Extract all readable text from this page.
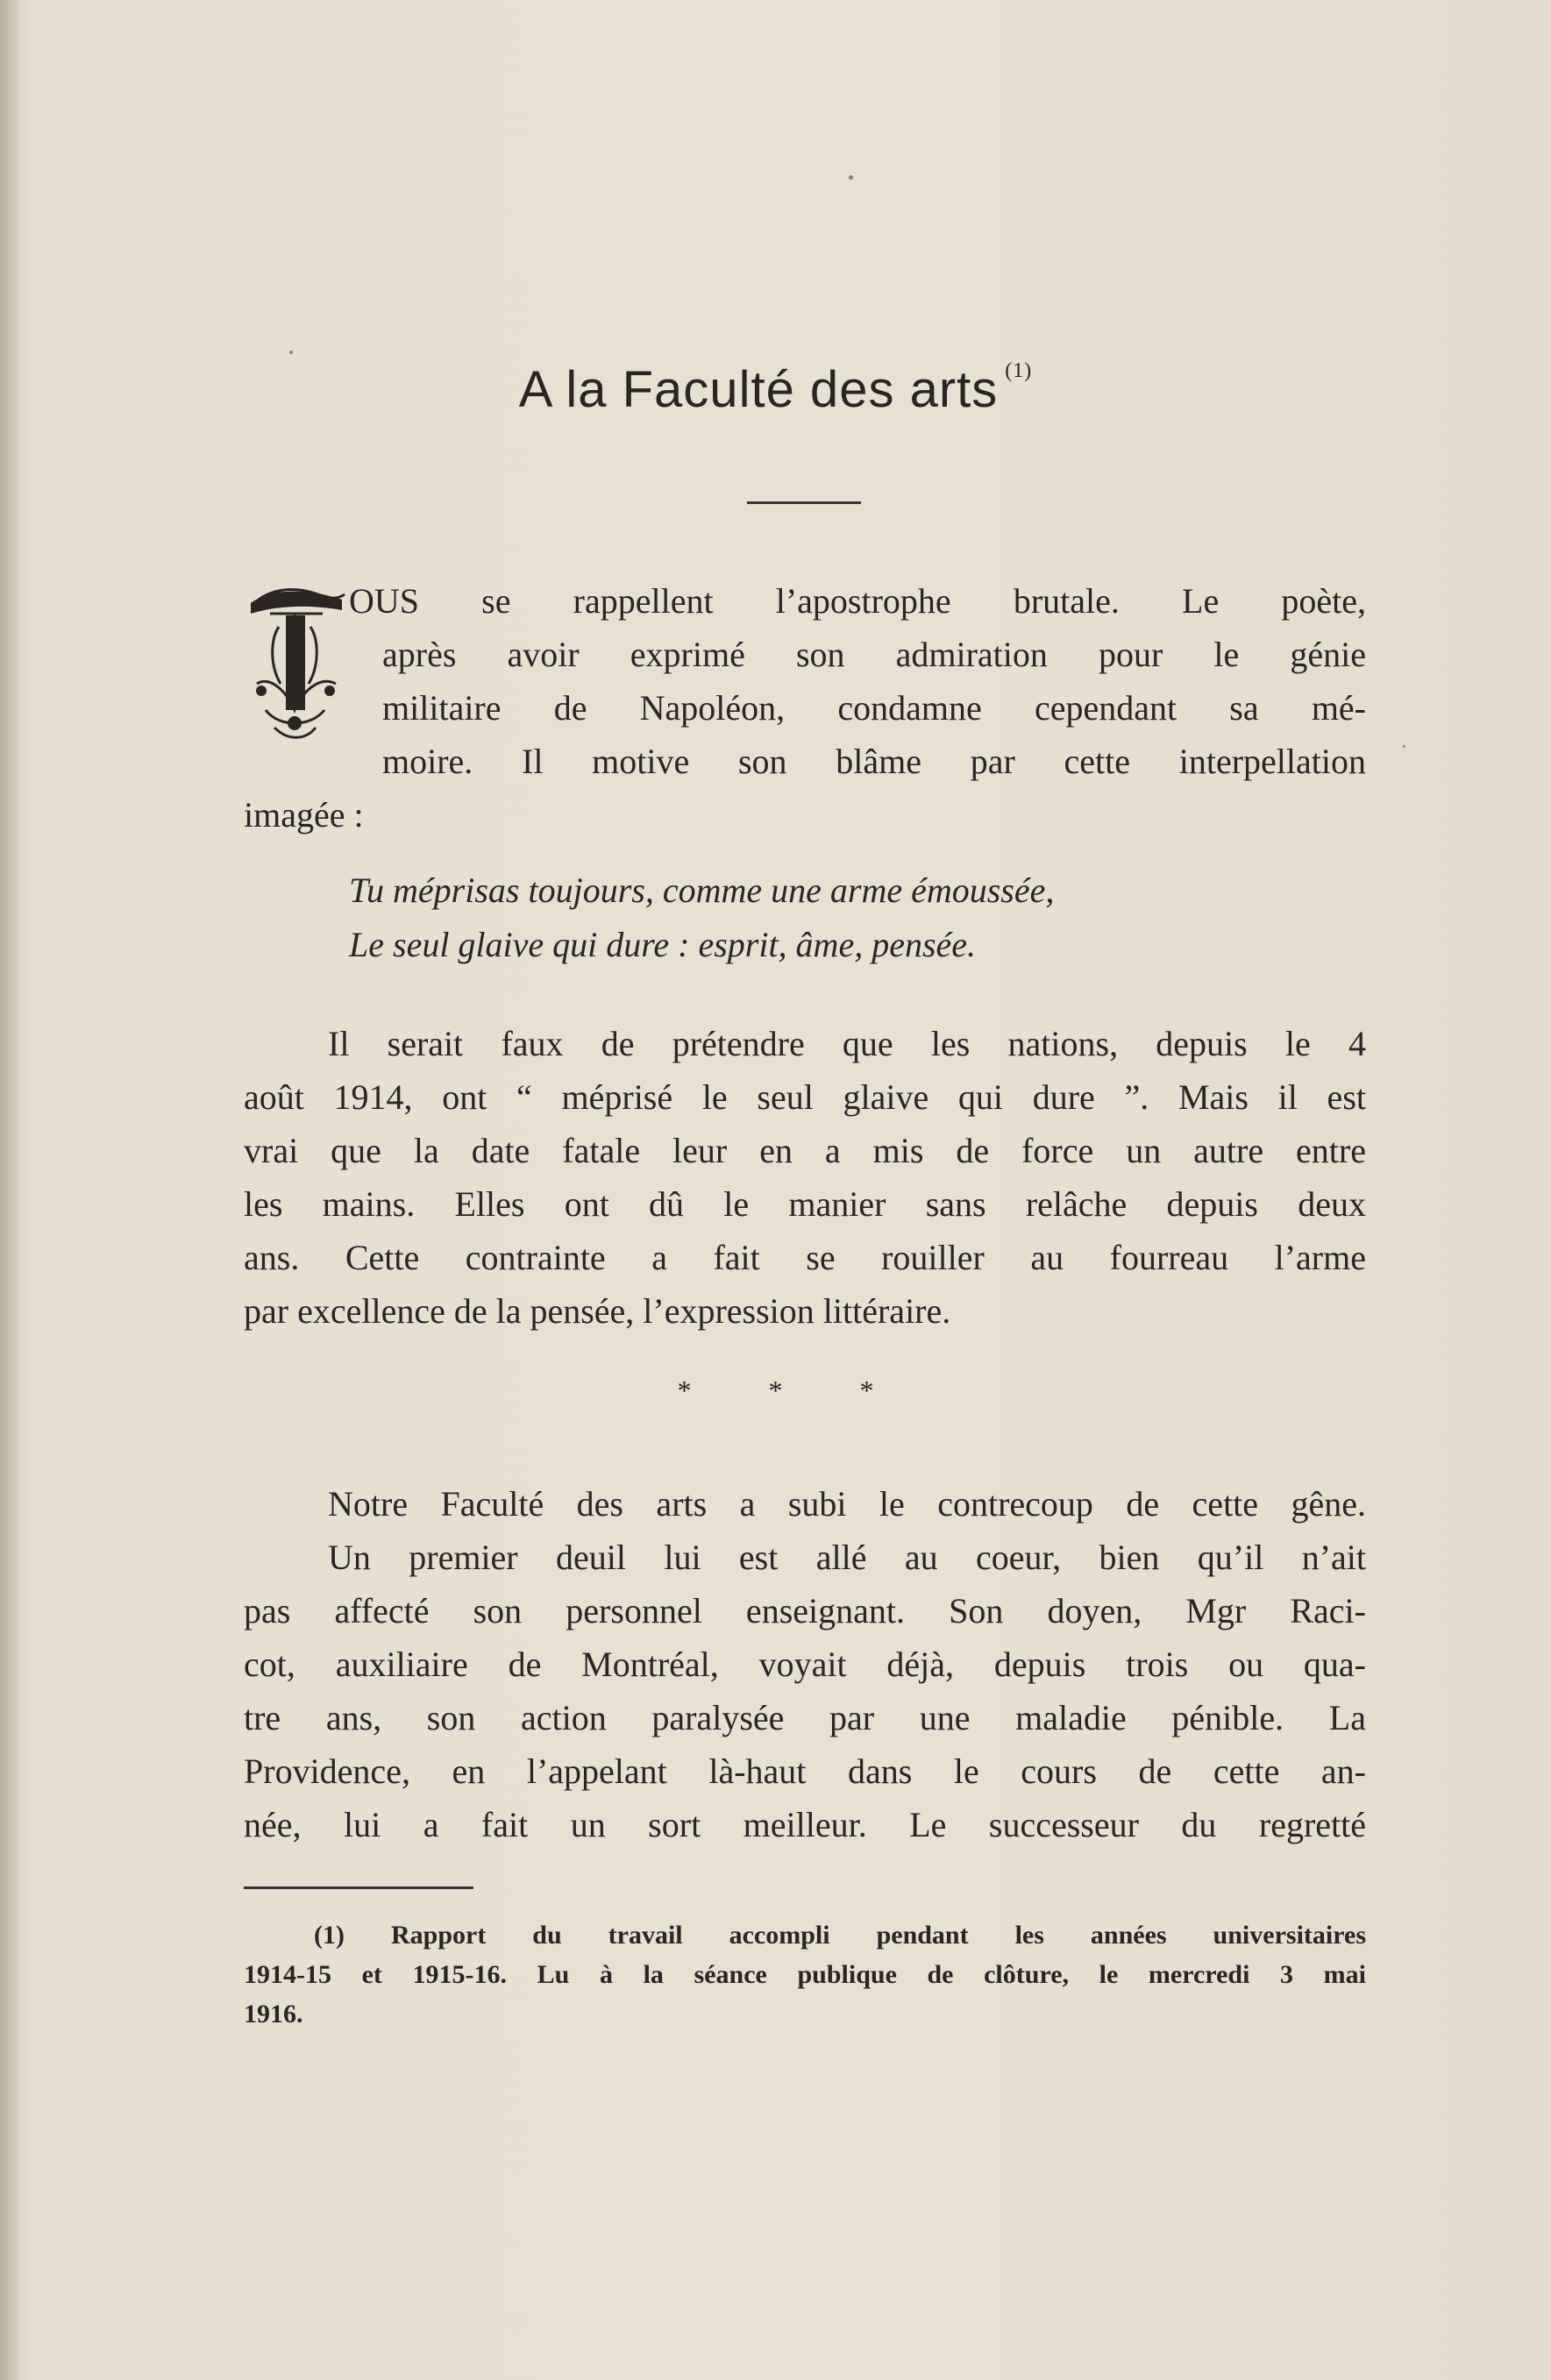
A la Faculté des arts $^{(1)}$
OUS se rappellent l’apostrophe brutale. Le poète,
après avoir exprimé son admiration pour le génie
militaire de Napoléon, condamne cependant sa mé-
moire. Il motive son blâme par cette interpellation
imagée :
Tu méprisas toujours, comme une arme émoussée,
Le seul glaive qui dure : esprit, âme, pensée.
Il serait faux de prétendre que les nations, depuis le 4
août 1914, ont “ méprisé le seul glaive qui dure ”. Mais il est
vrai que la date fatale leur en a mis de force un autre entre
les mains. Elles ont dû le manier sans relâche depuis deux
ans. Cette contrainte a fait se rouiller au fourreau l’arme
par excellence de la pensée, l’expression littéraire.
* * *
Notre Faculté des arts a subi le contrecoup de cette gêne.
Un premier deuil lui est allé au coeur, bien qu’il n’ait
pas affecté son personnel enseignant. Son doyen, Mgr Raci-
cot, auxiliaire de Montréal, voyait déjà, depuis trois ou qua-
tre ans, son action paralysée par une maladie pénible. La
Providence, en l’appelant là-haut dans le cours de cette an-
née, lui a fait un sort meilleur. Le successeur du regretté
(1) Rapport du travail accompli pendant les années universitaires
1914-15 et 1915-16. Lu à la séance publique de clôture, le mercredi 3 mai
1916.
